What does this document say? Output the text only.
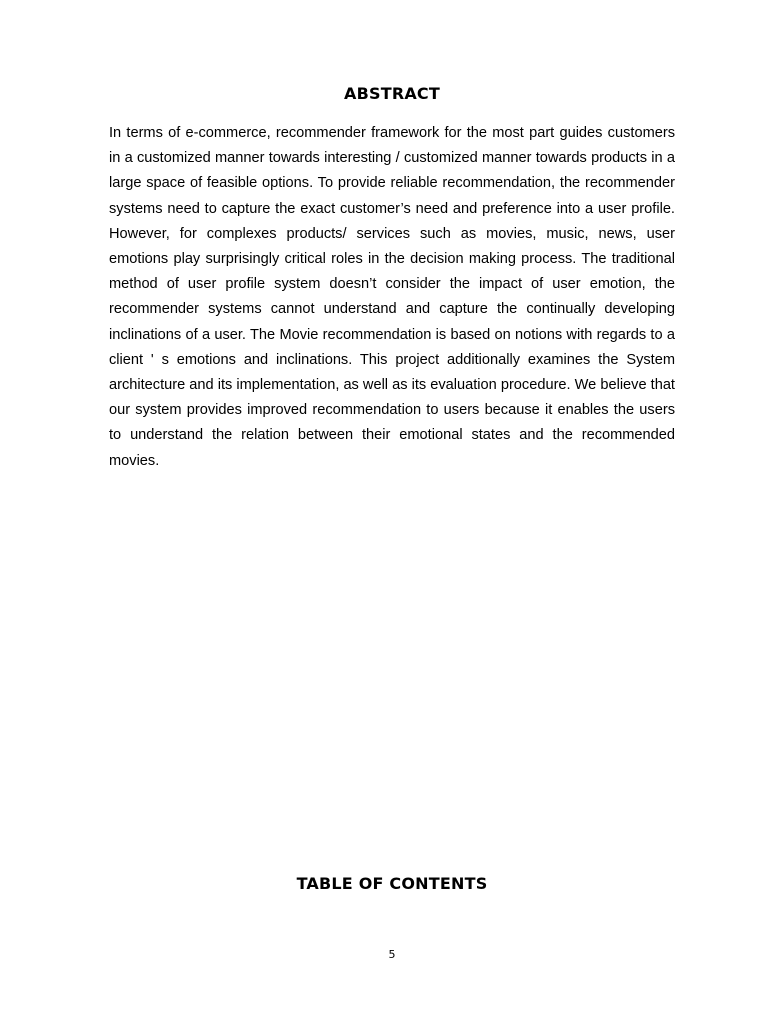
ABSTRACT

In terms of e-commerce, recommender framework for the most part guides customers in a customized manner towards interesting / customized manner towards products in a large space of feasible options. To provide reliable recommendation, the recommender systems need to capture the exact customer’s need and preference into a user profile. However, for complexes products/ services such as movies, music, news, user emotions play surprisingly critical roles in the decision making process. The traditional method of user profile system doesn’t consider the impact of user emotion, the recommender systems cannot understand and capture the continually developing inclinations of a user. The Movie recommendation is based on notions with regards to a client ' s emotions and inclinations. This project additionally examines the System architecture and its implementation, as well as its evaluation procedure. We believe that our system provides improved recommendation to users because it enables the users to understand the relation between their emotional states and the recommended movies.

TABLE OF CONTENTS
5
